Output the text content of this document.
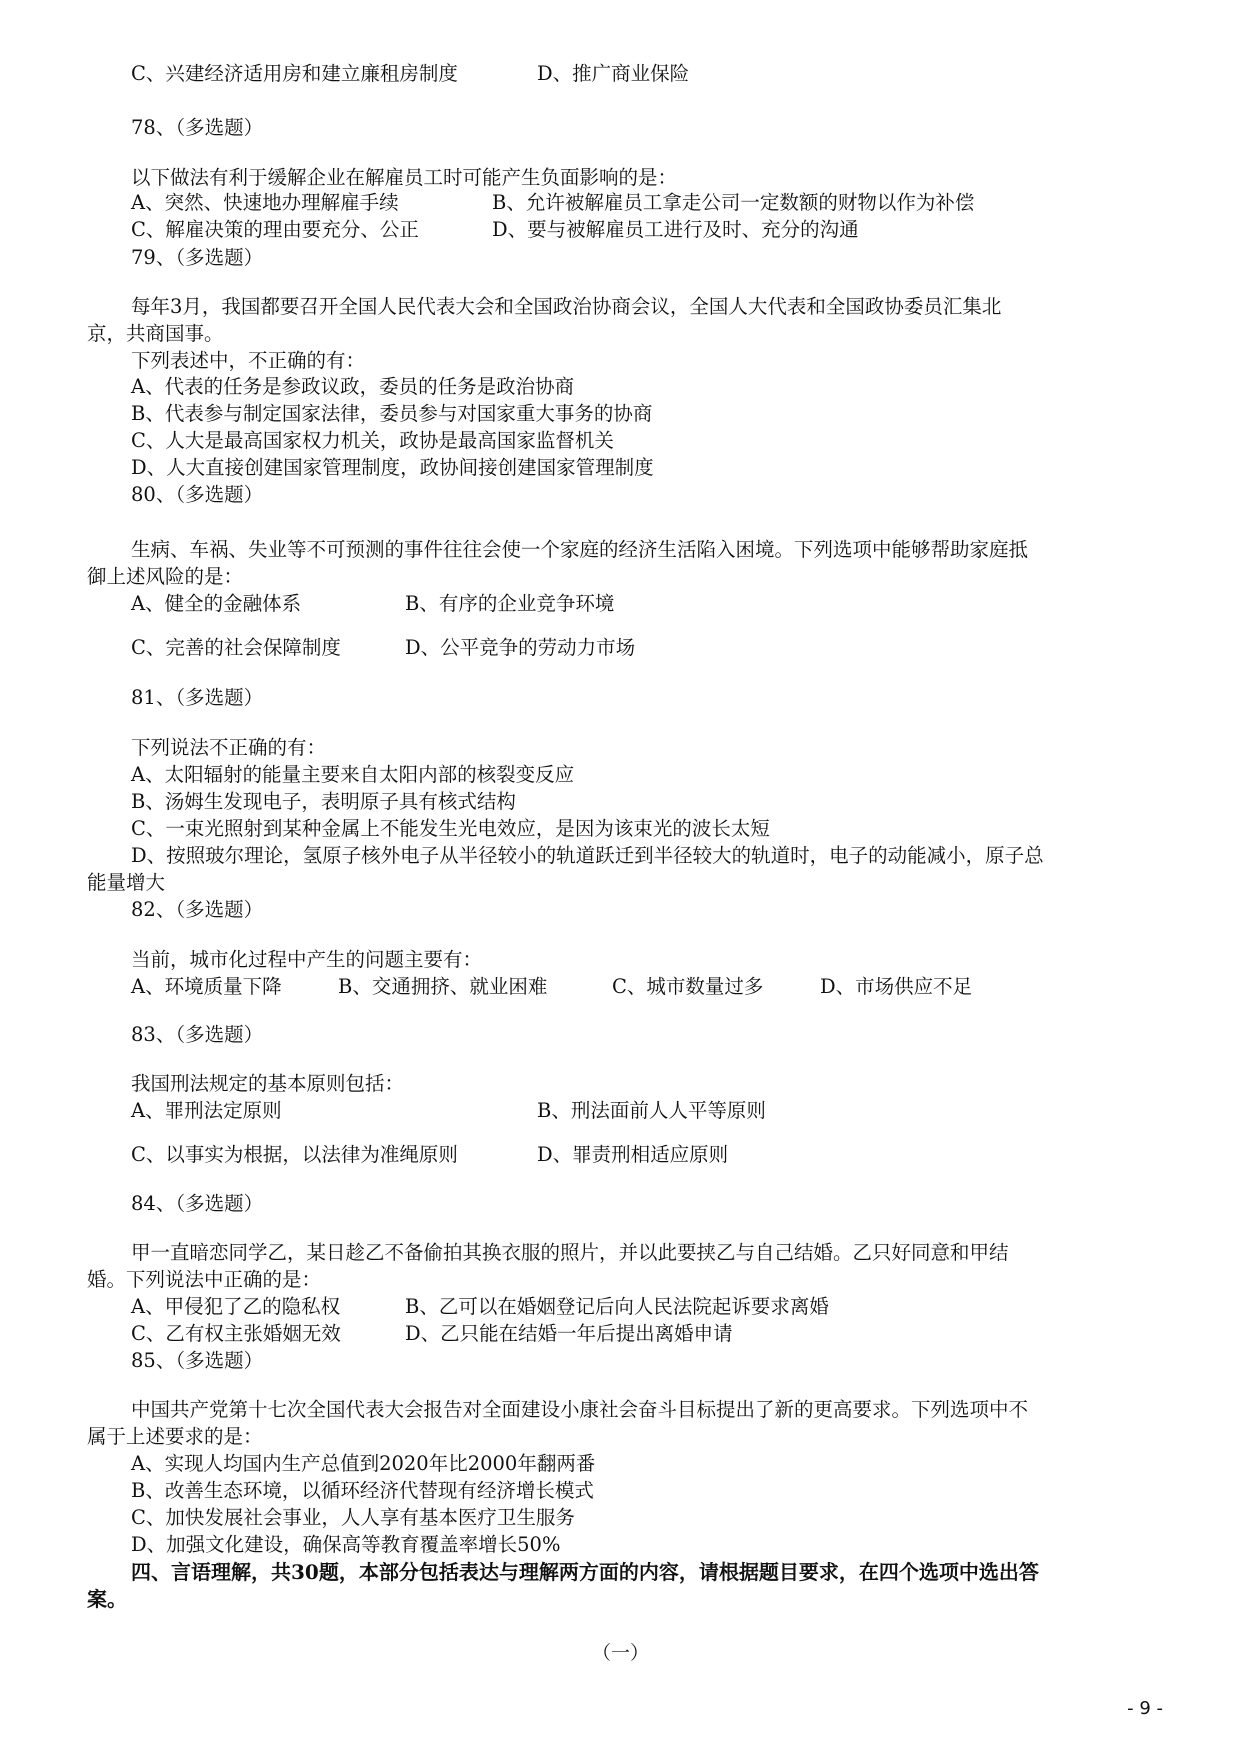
C、兴建经济适用房和建立廉租房制度	D、推广商业保险
78、（多选题）
以下做法有利于缓解企业在解雇员工时可能产生负面影响的是：
A、突然、快速地办理解雇手续	B、允许被解雇员工拿走公司一定数额的财物以作为补偿
C、解雇决策的理由要充分、公正	D、要与被解雇员工进行及时、充分的沟通
79、（多选题）
每年3月，我国都要召开全国人民代表大会和全国政治协商会议，全国人大代表和全国政协委员汇集北
京，共商国事。
下列表述中，不正确的有：
A、代表的任务是参政议政，委员的任务是政治协商
B、代表参与制定国家法律，委员参与对国家重大事务的协商
C、人大是最高国家权力机关，政协是最高国家监督机关
D、人大直接创建国家管理制度，政协间接创建国家管理制度
80、（多选题）
生病、车祸、失业等不可预测的事件往往会使一个家庭的经济生活陷入困境。下列选项中能够帮助家庭抵
御上述风险的是：
A、健全的金融体系	B、有序的企业竞争环境
C、完善的社会保障制度	D、公平竞争的劳动力市场
81、（多选题）
下列说法不正确的有：
A、太阳辐射的能量主要来自太阳内部的核裂变反应
B、汤姆生发现电子，表明原子具有核式结构
C、一束光照射到某种金属上不能发生光电效应，是因为该束光的波长太短
D、按照玻尔理论，氢原子核外电子从半径较小的轨道跃迁到半径较大的轨道时，电子的动能减小，原子总
能量增大
82、（多选题）
当前，城市化过程中产生的问题主要有：
A、环境质量下降	B、交通拥挤、就业困难	C、城市数量过多	D、市场供应不足
83、（多选题）
我国刑法规定的基本原则包括：
A、罪刑法定原则	B、刑法面前人人平等原则
C、以事实为根据，以法律为准绳原则	D、罪责刑相适应原则
84、（多选题）
甲一直暗恋同学乙，某日趁乙不备偷拍其换衣服的照片，并以此要挟乙与自己结婚。乙只好同意和甲结
婚。下列说法中正确的是：
A、甲侵犯了乙的隐私权	B、乙可以在婚姻登记后向人民法院起诉要求离婚
C、乙有权主张婚姻无效	D、乙只能在结婚一年后提出离婚申请
85、（多选题）
中国共产党第十七次全国代表大会报告对全面建设小康社会奋斗目标提出了新的更高要求。下列选项中不
属于上述要求的是：
A、实现人均国内生产总值到2020年比2000年翻两番
B、改善生态环境，以循环经济代替现有经济增长模式
C、加快发展社会事业，人人享有基本医疗卫生服务
D、加强文化建设，确保高等教育覆盖率增长50%
四、言语理解，共30题，本部分包括表达与理解两方面的内容，请根据题目要求，在四个选项中选出答
案。
（一）
- 9 -
